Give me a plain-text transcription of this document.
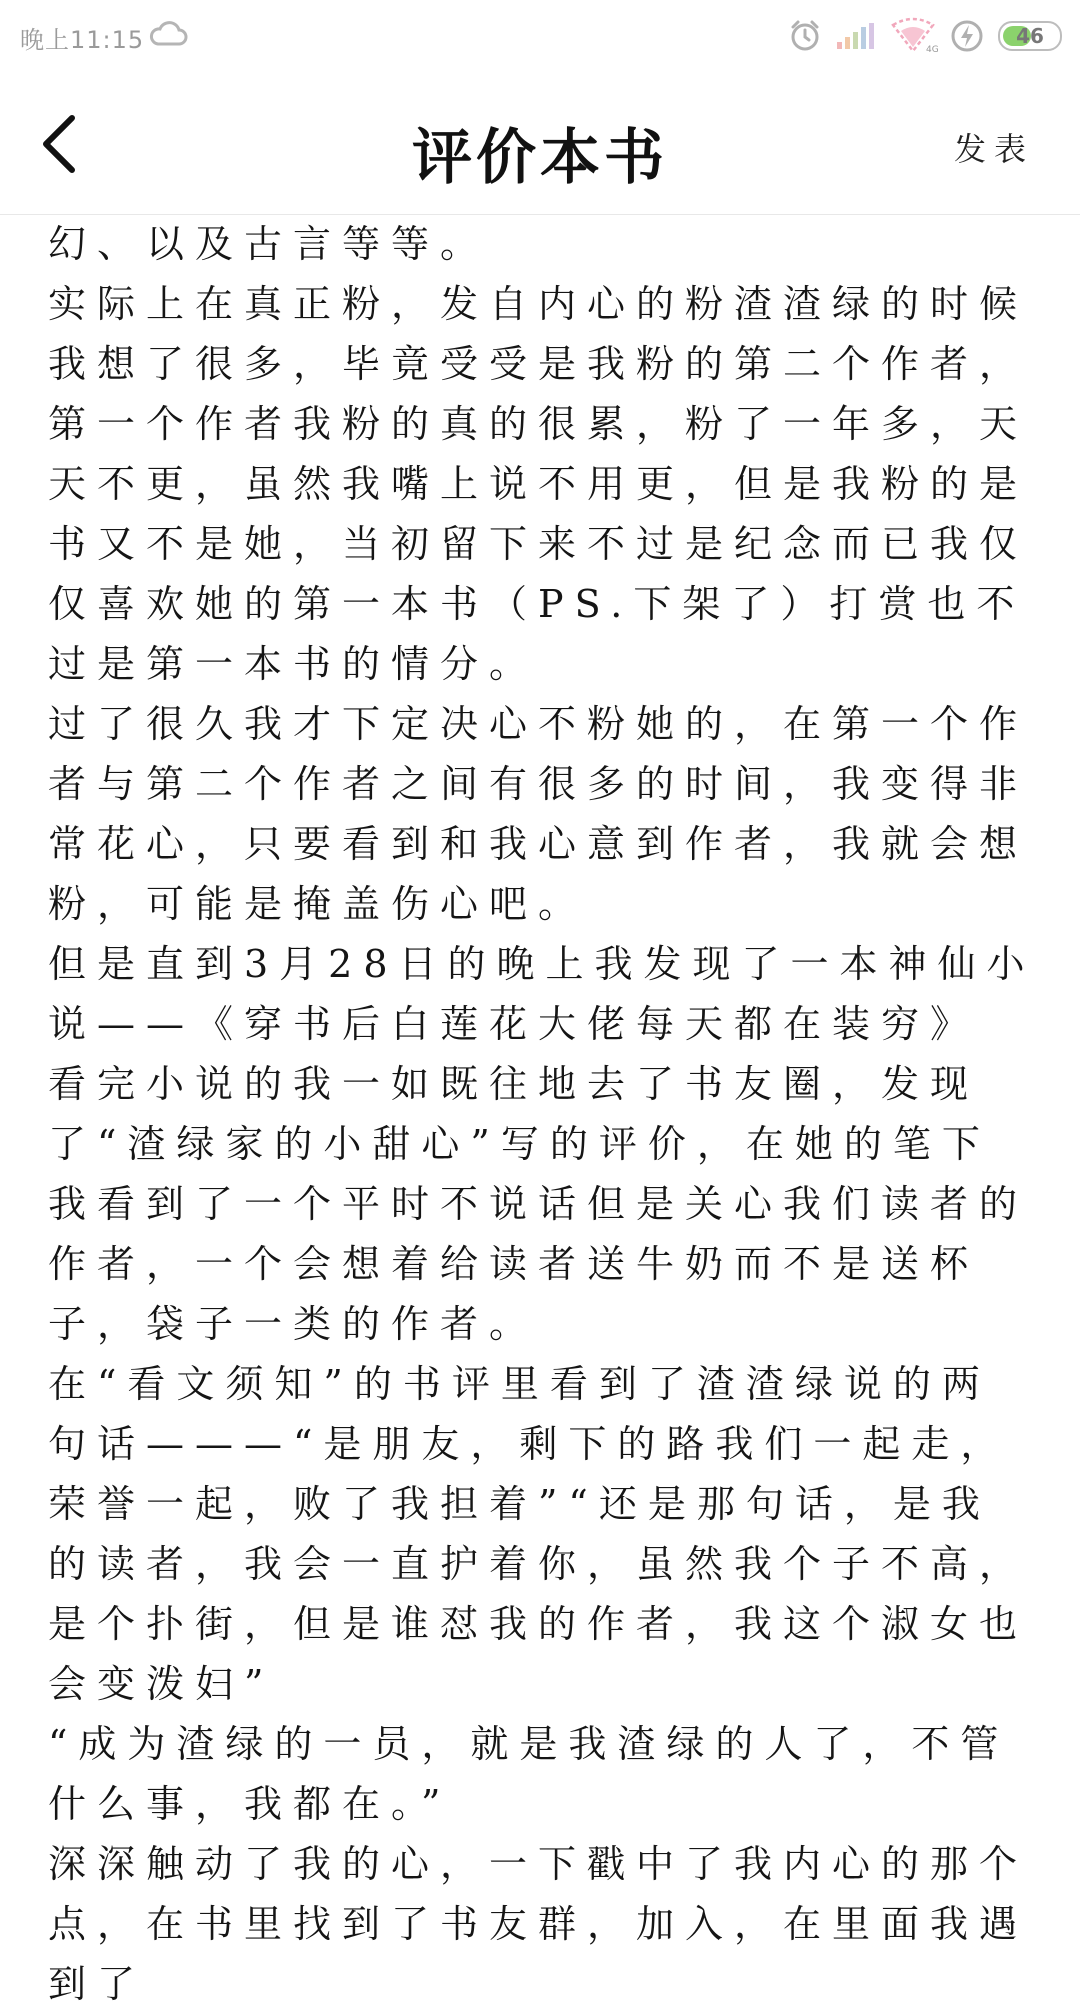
晚上11:15	4G
46
评价本书	发表

幻、以及古言等等。

实际上在真正粉，发自内心的粉渣渣绿的时候我想了很多，毕竟受受是我粉的第二个作者，第一个作者我粉的真的很累，粉了一年多，天天不更，虽然我嘴上说不用更，但是我粉的是书又不是她，当初留下来不过是纪念而已我仅仅喜欢她的第一本书（PS.下架了）打赏也不过是第一本书的情分。

过了很久我才下定决心不粉她的，在第一个作者与第二个作者之间有很多的时间，我变得非常花心，只要看到和我心意到作者，我就会想粉，可能是掩盖伤心吧。

但是直到3月28日的晚上我发现了一本神仙小说——《穿书后白莲花大佬每天都在装穷》

看完小说的我一如既往地去了书友圈，发现了“渣绿家的小甜心”写的评价，在她的笔下我看到了一个平时不说话但是关心我们读者的作者，一个会想着给读者送牛奶而不是送杯子，袋子一类的作者。

在“看文须知”的书评里看到了渣渣绿说的两句话———“是朋友，剩下的路我们一起走，荣誉一起，败了我担着”“还是那句话，是我的读者，我会一直护着你，虽然我个子不高，是个扑街，但是谁怼我的作者，我这个淑女也会变泼妇”

“成为渣绿的一员，就是我渣绿的人了，不管什么事，我都在。”

深深触动了我的心，一下戳中了我内心的那个点，在书里找到了书友群，加入，在里面我遇到了
